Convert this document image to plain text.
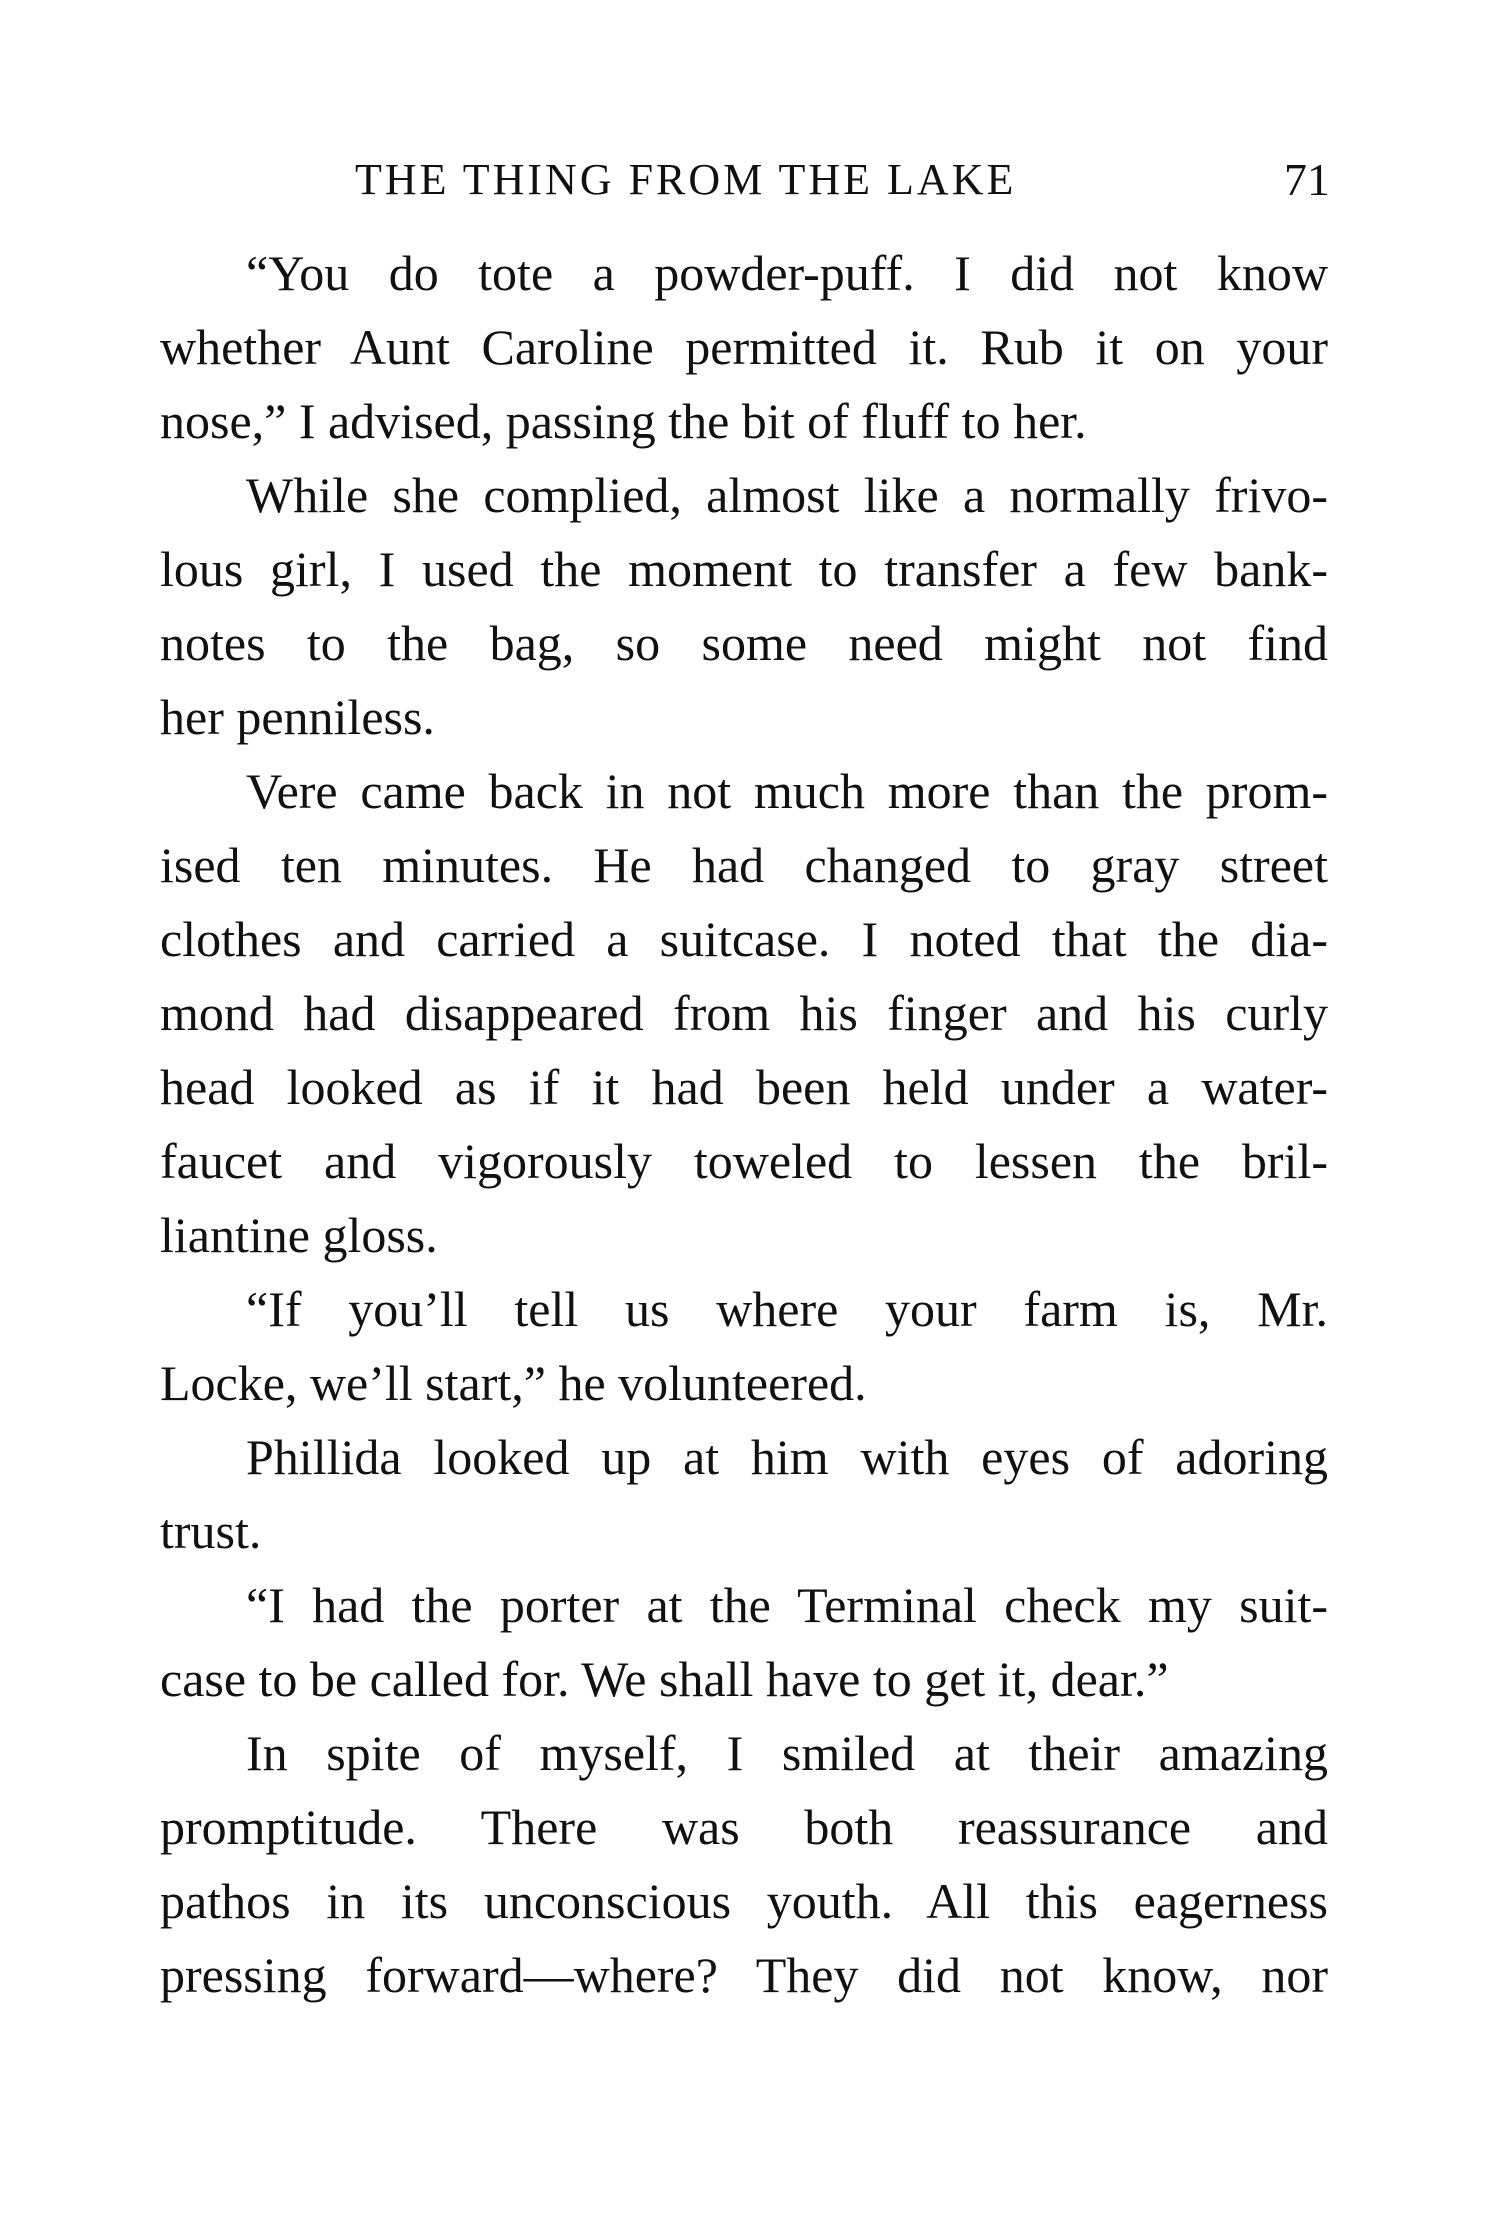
THE THING FROM THE LAKE	71
“You do tote a powder-puff. I did not know
whether Aunt Caroline permitted it. Rub it on your
nose,” I advised, passing the bit of fluff to her.
While she complied, almost like a normally frivo-
lous girl, I used the moment to transfer a few bank-
notes to the bag, so some need might not find
her penniless.
Vere came back in not much more than the prom-
ised ten minutes. He had changed to gray street
clothes and carried a suitcase. I noted that the dia-
mond had disappeared from his finger and his curly
head looked as if it had been held under a water-
faucet and vigorously toweled to lessen the bril-
liantine gloss.
“If you’ll tell us where your farm is, Mr.
Locke, we’ll start,” he volunteered.
Phillida looked up at him with eyes of adoring
trust.
“I had the porter at the Terminal check my suit-
case to be called for. We shall have to get it, dear.”
In spite of myself, I smiled at their amazing
promptitude. There was both reassurance and
pathos in its unconscious youth. All this eagerness
pressing forward—where? They did not know, nor
